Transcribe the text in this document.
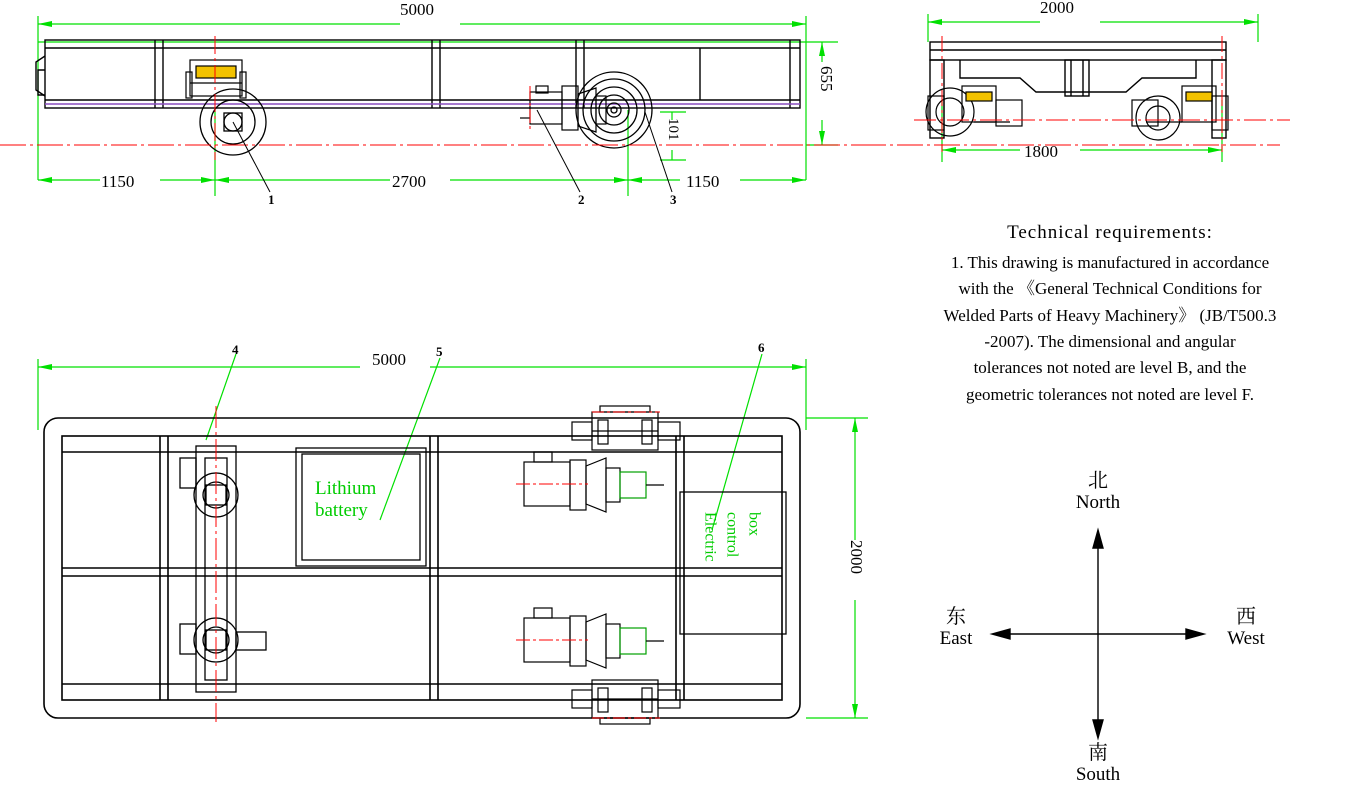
5000
1150	2700	1150
655
101
1	2	3
2000
1800
Technical requirements:
1. This drawing is manufactured in accordance
with the 《General Technical Conditions for
Welded Parts of Heavy Machinery》 (JB/T500.3
-2007). The dimensional and angular
tolerances not noted are level B, and the
geometric tolerances not noted are level F.
5000
2000
4	5	6
Lithium
battery
Electric control box
北
North
南
South
东
East
西
West
